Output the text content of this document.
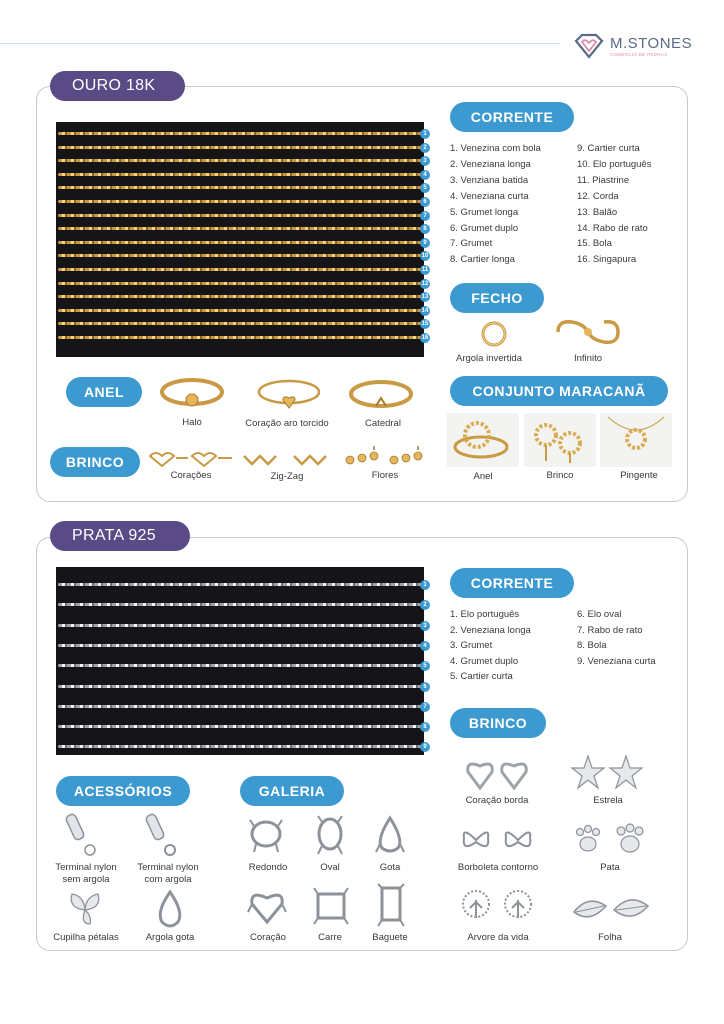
M.STONES
COMÉRCIO DE PEDRAS
OURO 18K
1
2
3
4
5
6
7
8
9
10
11
12
13
14
15
16
CORRENTE
1. Venezina com bola
2. Veneziana longa
3. Venziana batida
4. Veneziana curta
5. Grumet longa
6. Grumet duplo
7. Grumet
8. Cartier longa
9. Cartier curta
10. Elo português
11. Piastrine
12. Corda
13. Balão
14. Rabo de rato
15. Bola
16. Singapura
FECHO
Argola invertida	Infinito
ANEL
Halo	Coração aro torcido	Catedral
BRINCO
Corações	Zig-Zag	Flores
CONJUNTO MARACANÃ
Anel	Brinco	Pingente
PRATA 925
1
2
3
4
5
6
7
8
9
CORRENTE
1. Elo português
2. Veneziana longa
3. Grumet
4. Grumet duplo
5. Cartier curta
6. Elo oval
7. Rabo de rato
8. Bola
9. Veneziana curta
BRINCO
Coração borda	Estrela
Borboleta contorno	Pata
Arvore da vida	Folha
ACESSÓRIOS
Terminal nylon
sem argola
Terminal nylon
com argola
Cupilha pétalas	Argola gota
GALERIA
Redondo	Oval	Gota
Coração	Carre	Baguete
